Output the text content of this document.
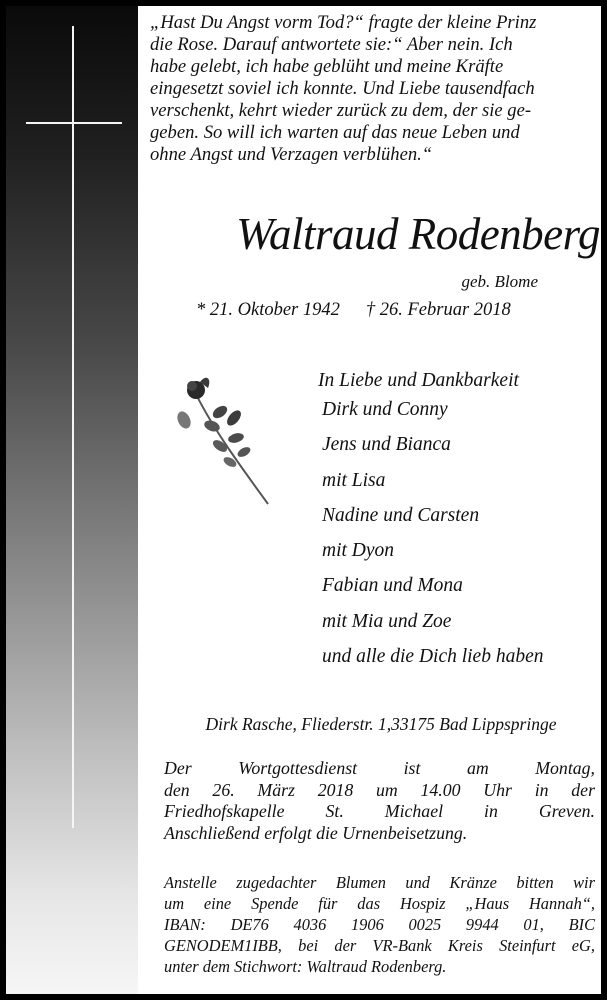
„Hast Du Angst vorm Tod?“ fragte der kleine Prinz
die Rose. Darauf antwortete sie:“ Aber nein. Ich
habe gelebt, ich habe geblüht und meine Kräfte
eingesetzt soviel ich konnte. Und Liebe tausendfach
verschenkt, kehrt wieder zurück zu dem, der sie ge-
geben. So will ich warten auf das neue Leben und
ohne Angst und Verzagen verblühen.“
Waltraud Rodenberg
geb. Blome
* 21. Oktober 1942 † 26. Februar 2018
In Liebe und Dankbarkeit
Dirk und Conny
Jens und Bianca
mit Lisa
Nadine und Carsten
mit Dyon
Fabian und Mona
mit Mia und Zoe
und alle die Dich lieb haben
Dirk Rasche, Fliederstr. 1,33175 Bad Lippspringe
Der Wortgottesdienst ist am Montag,
den 26. März 2018 um 14.00 Uhr in der
Friedhofskapelle St. Michael in Greven.
Anschließend erfolgt die Urnenbeisetzung.
Anstelle zugedachter Blumen und Kränze bitten wir
um eine Spende für das Hospiz „Haus Hannah“,
IBAN: DE76 4036 1906 0025 9944 01, BIC
GENODEM1IBB, bei der VR-Bank Kreis Steinfurt eG,
unter dem Stichwort: Waltraud Rodenberg.
